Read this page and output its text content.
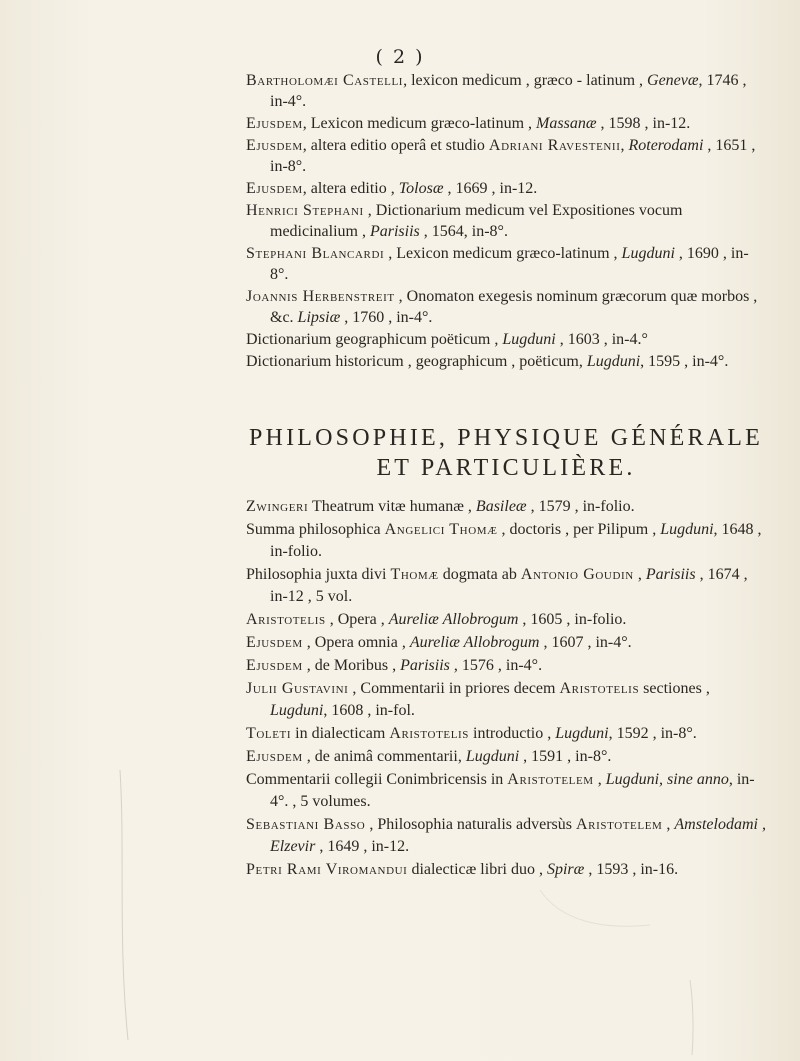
( 2 )
Bartholomæi Castelli, lexicon medicum , græco - latinum , Genevæ, 1746 , in-4°.
Ejusdem, Lexicon medicum græco-latinum , Massanæ , 1598 , in-12.
Ejusdem, altera editio operâ et studio Adriani Ravestenii, Roterodami , 1651 , in-8°.
Ejusdem, altera editio , Tolosæ , 1669 , in-12.
Henrici Stephani , Dictionarium medicum vel Expositiones vocum medicinalium , Parisiis , 1564, in-8°.
Stephani Blancardi , Lexicon medicum græco-latinum , Lugduni , 1690 , in-8°.
Joannis Herbenstreit , Onomaton exegesis nominum græcorum quæ morbos , &c. Lipsiæ , 1760 , in-4°.
Dictionarium geographicum poëticum , Lugduni , 1603 , in-4.°
Dictionarium historicum , geographicum , poëticum, Lugduni, 1595 , in-4°.
PHILOSOPHIE, PHYSIQUE GÉNÉRALE
ET PARTICULIÈRE.
Zwingeri Theatrum vitæ humanæ , Basileæ , 1579 , in-folio.
Summa philosophica Angelici Thomæ , doctoris , per Pilipum , Lugduni, 1648 , in-folio.
Philosophia juxta divi Thomæ dogmata ab Antonio Goudin , Parisiis , 1674 , in-12 , 5 vol.
Aristotelis , Opera , Aureliæ Allobrogum , 1605 , in-folio.
Ejusdem , Opera omnia , Aureliæ Allobrogum , 1607 , in-4°.
Ejusdem , de Moribus , Parisiis , 1576 , in-4°.
Julii Gustavini , Commentarii in priores decem Aristotelis sectiones , Lugduni, 1608 , in-fol.
Toleti in dialecticam Aristotelis introductio , Lugduni, 1592 , in-8°.
Ejusdem , de animâ commentarii, Lugduni , 1591 , in-8°.
Commentarii collegii Conimbricensis in Aristotelem , Lugduni, sine anno, in-4°. , 5 volumes.
Sebastiani Basso , Philosophia naturalis adversùs Aristotelem , Amstelodami , Elzevir , 1649 , in-12.
Petri Rami Viromandui dialecticæ libri duo , Spiræ , 1593 , in-16.
